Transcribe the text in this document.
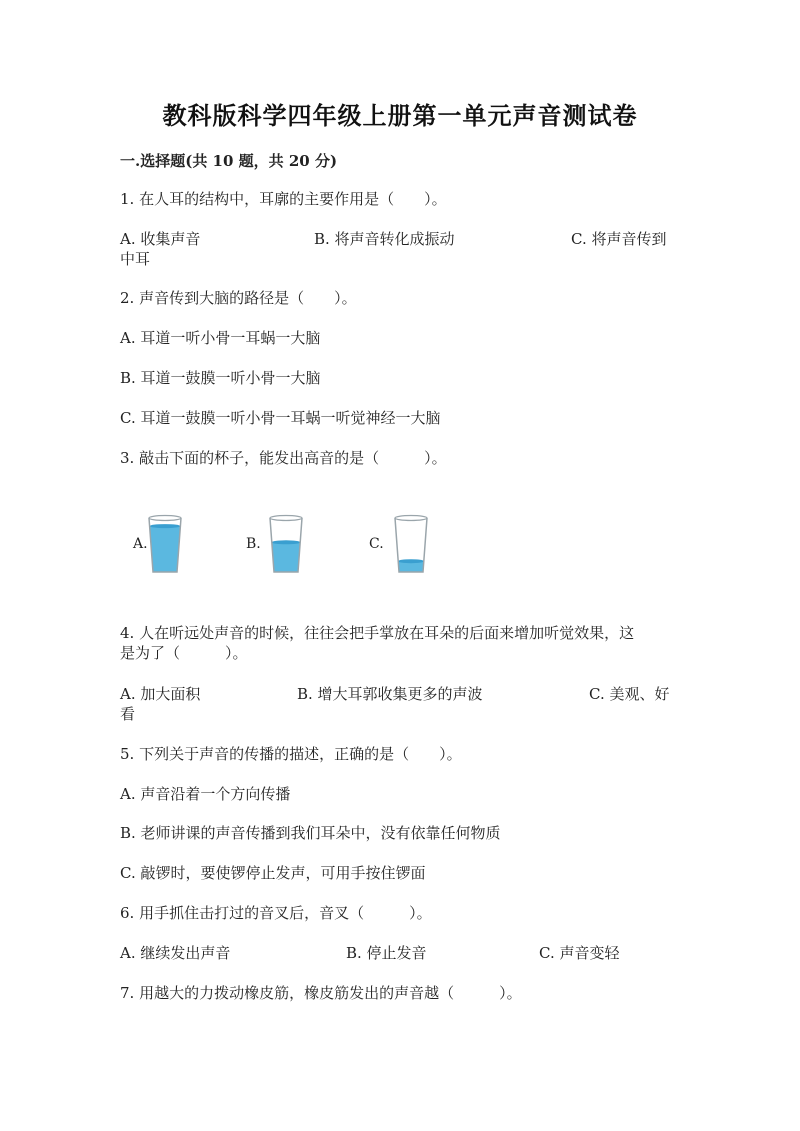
教科版科学四年级上册第一单元声音测试卷
一.选择题(共 10 题，共 20 分)
1. 在人耳的结构中，耳廓的主要作用是（　　）。
A. 收集声音	B. 将声音转化成振动	C. 将声音传到
中耳
2. 声音传到大脑的路径是（　　）。
A. 耳道一听小骨一耳蜗一大脑
B. 耳道一鼓膜一听小骨一大脑
C. 耳道一鼓膜一听小骨一耳蜗一听觉神经一大脑
3. 敲击下面的杯子，能发出高音的是（　　　）。
A.	B.	C.
4. 人在听远处声音的时候，往往会把手掌放在耳朵的后面来增加听觉效果，这
是为了（　　　）。
A. 加大面积	B. 增大耳郭收集更多的声波	C. 美观、好
看
5. 下列关于声音的传播的描述，正确的是（　　）。
A. 声音沿着一个方向传播
B. 老师讲课的声音传播到我们耳朵中，没有依靠任何物质
C. 敲锣时，要使锣停止发声，可用手按住锣面
6. 用手抓住击打过的音叉后，音叉（　　　）。
A. 继续发出声音	B. 停止发音	C. 声音变轻
7. 用越大的力拨动橡皮筋，橡皮筋发出的声音越（　　　）。
